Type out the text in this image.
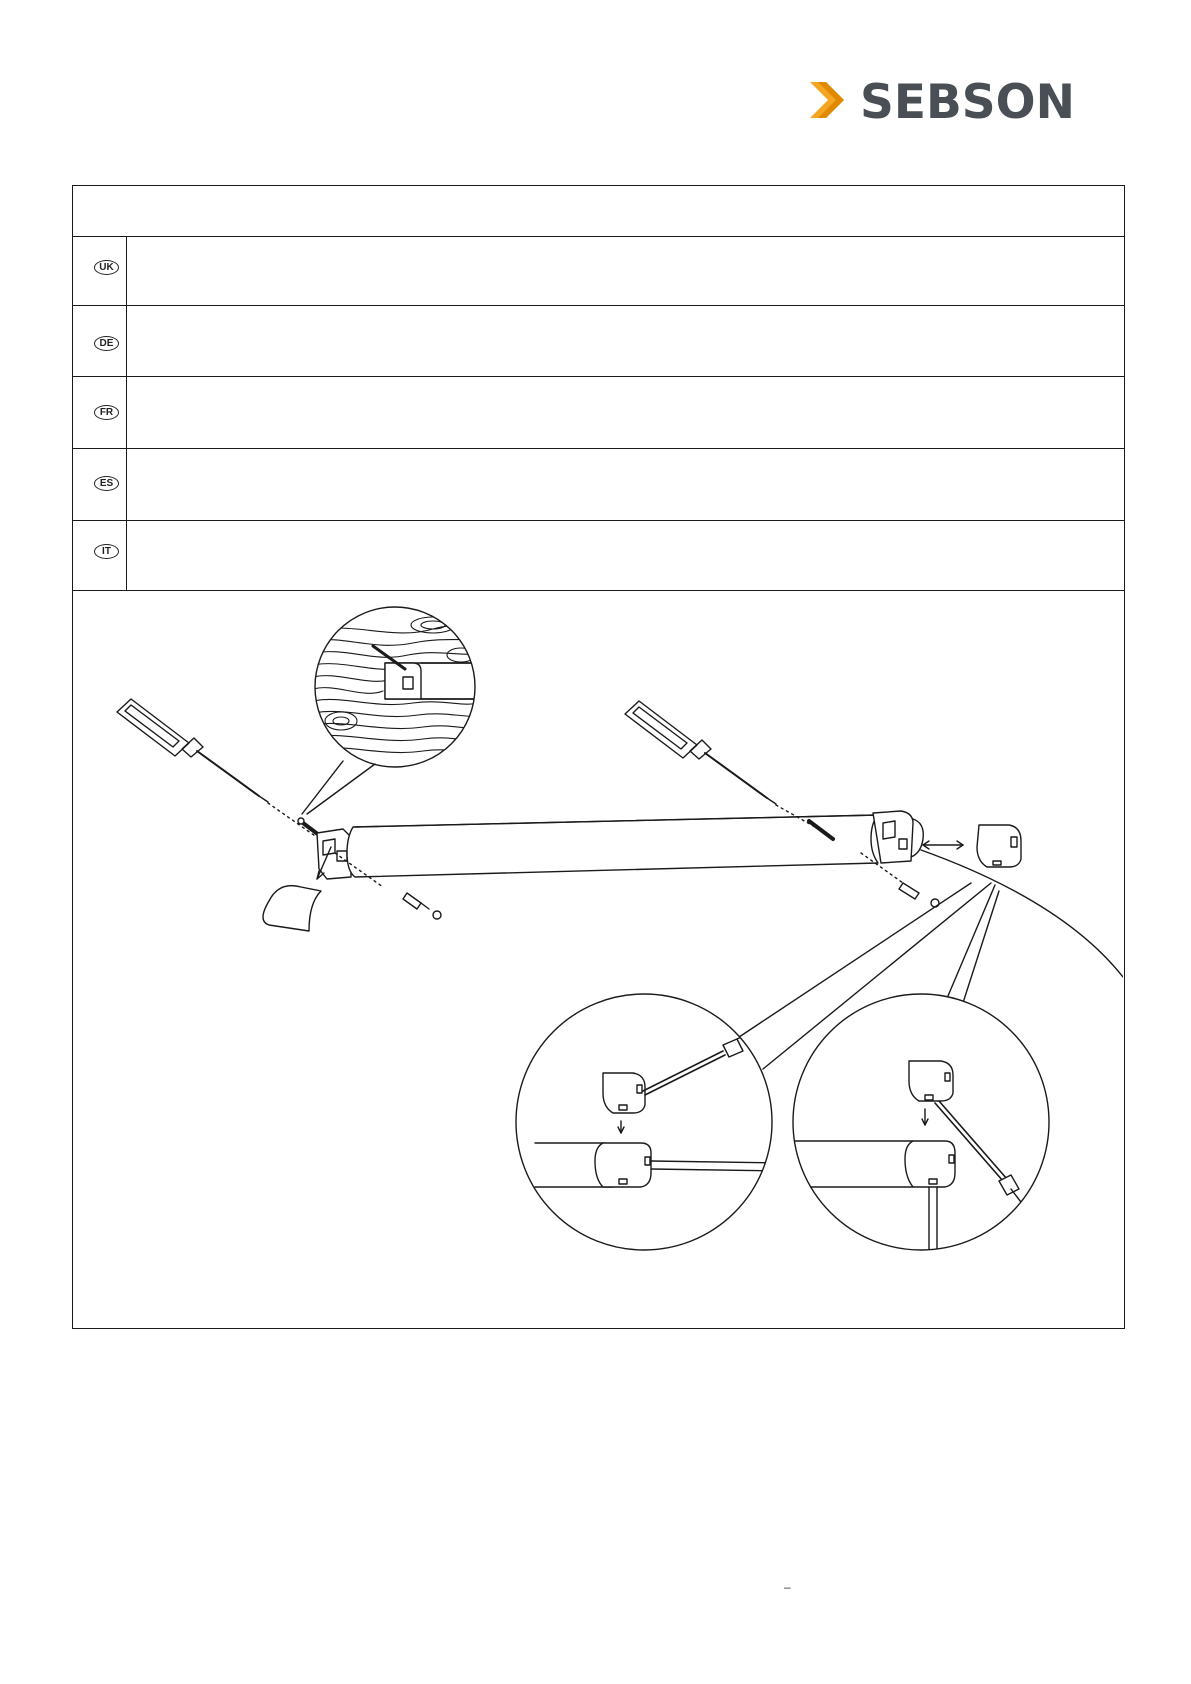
SEBSON
UK
DE
FR
ES
IT
–
